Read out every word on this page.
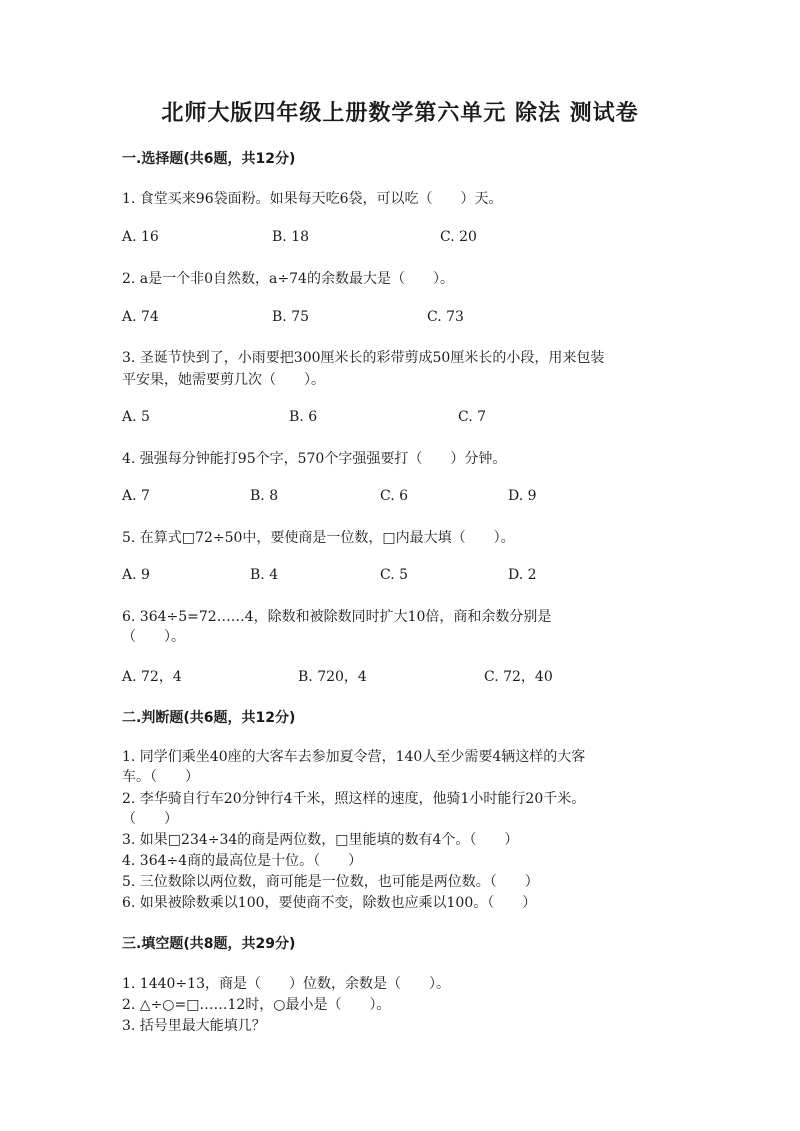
北师大版四年级上册数学第六单元 除法 测试卷
一.选择题(共6题，共12分)
1. 食堂买来96袋面粉。如果每天吃6袋，可以吃（　　）天。
A. 16	B. 18	C. 20
2. a是一个非0自然数，a÷74的余数最大是（　　）。
A. 74	B. 75	C. 73
3. 圣诞节快到了，小雨要把300厘米长的彩带剪成50厘米长的小段，用来包装
平安果，她需要剪几次（　　）。
A. 5	B. 6	C. 7
4. 强强每分钟能打95个字，570个字强强要打（　　）分钟。
A. 7	B. 8	C. 6	D. 9
5. 在算式□72÷50中，要使商是一位数，□内最大填（　　）。
A. 9	B. 4	C. 5	D. 2
6. 364÷5=72……4，除数和被除数同时扩大10倍，商和余数分别是
（　　）。
A. 72，4	B. 720，4	C. 72，40
二.判断题(共6题，共12分)
1. 同学们乘坐40座的大客车去参加夏令营，140人至少需要4辆这样的大客
车。（　　）
2. 李华骑自行车20分钟行4千米，照这样的速度，他骑1小时能行20千米。
（　　）
3. 如果□234÷34的商是两位数，□里能填的数有4个。（　　）
4. 364÷4商的最高位是十位。（　　）
5. 三位数除以两位数，商可能是一位数，也可能是两位数。（　　）
6. 如果被除数乘以100，要使商不变，除数也应乘以100。（　　）
三.填空题(共8题，共29分)
1. 1440÷13，商是（　　）位数，余数是（　　）。
2. △÷○=□……12时，○最小是（　　）。
3. 括号里最大能填几？
